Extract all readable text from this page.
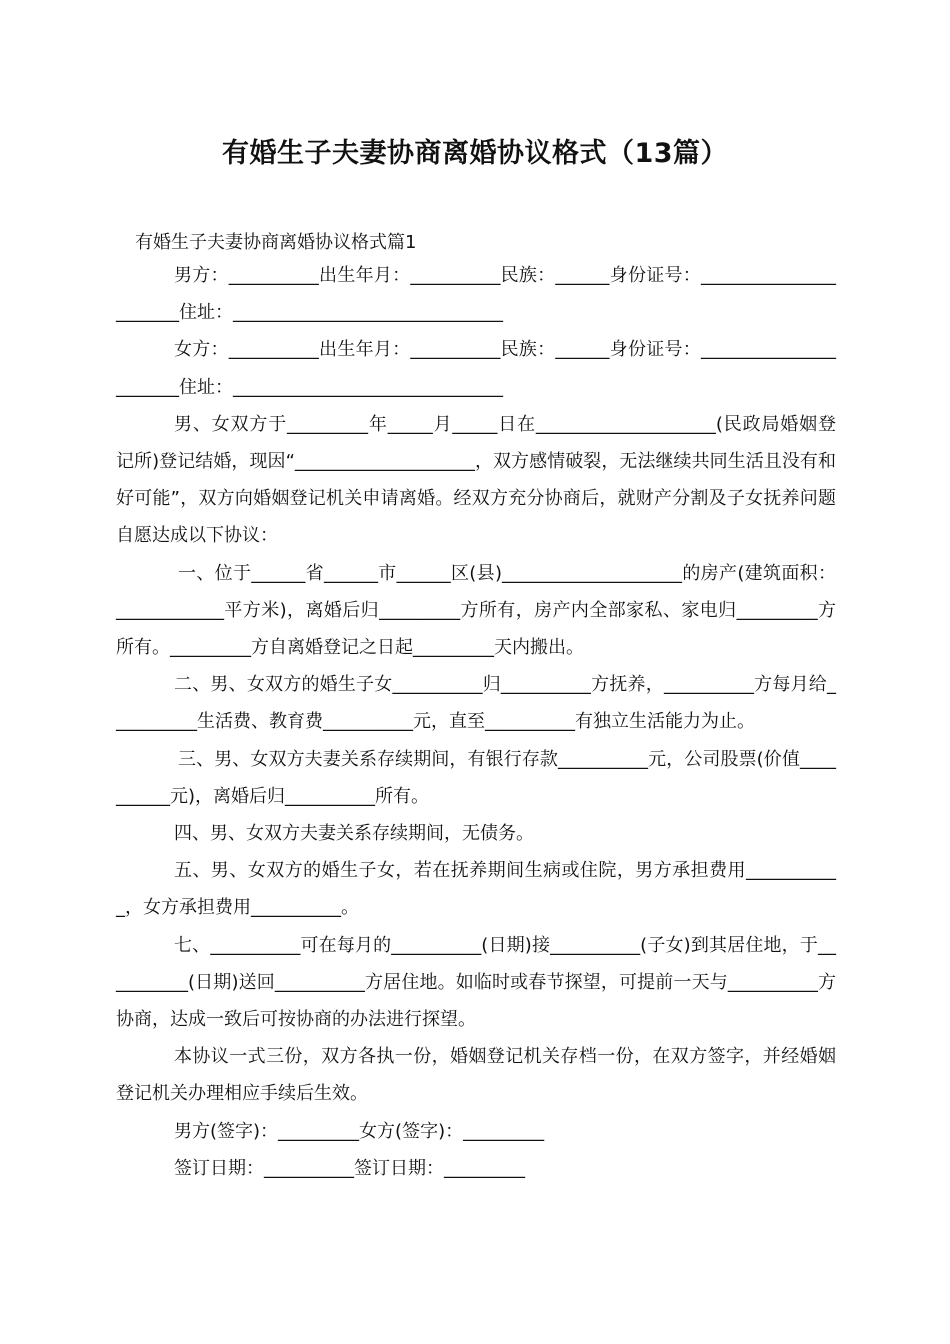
有婚生子夫妻协商离婚协议格式（13篇）
有婚生子夫妻协商离婚协议格式篇1

男方：__________出生年月：__________民族：______身份证号：______________________住址：______________________________

女方：__________出生年月：__________民族：______身份证号：______________________住址：______________________________

男、女双方于_________年_____月_____日在____________________(民政局婚姻登记所)登记结婚，现因“____________________，双方感情破裂，无法继续共同生活且没有和好可能”，双方向婚姻登记机关申请离婚。经双方充分协商后，就财产分割及子女抚养问题自愿达成以下协议：

一、位于______省______市______区(县)____________________的房产(建筑面积：____________平方米)，离婚后归_________方所有，房产内全部家私、家电归_________方所有。_________方自离婚登记之日起_________天内搬出。

二、男、女双方的婚生子女__________归__________方抚养，__________方每月给__________生活费、教育费__________元，直至__________有独立生活能力为止。

三、男、女双方夫妻关系存续期间，有银行存款__________元，公司股票(价值__________元)，离婚后归__________所有。

四、男、女双方夫妻关系存续期间，无债务。

五、男、女双方的婚生子女，若在抚养期间生病或住院，男方承担费用___________，女方承担费用__________。

七、__________可在每月的__________(日期)接__________(子女)到其居住地，于__________(日期)送回__________方居住地。如临时或春节探望，可提前一天与__________方协商，达成一致后可按协商的办法进行探望。

本协议一式三份，双方各执一份，婚姻登记机关存档一份，在双方签字，并经婚姻登记机关办理相应手续后生效。

男方(签字)：_________女方(签字)：_________

签订日期：__________签订日期：_________
